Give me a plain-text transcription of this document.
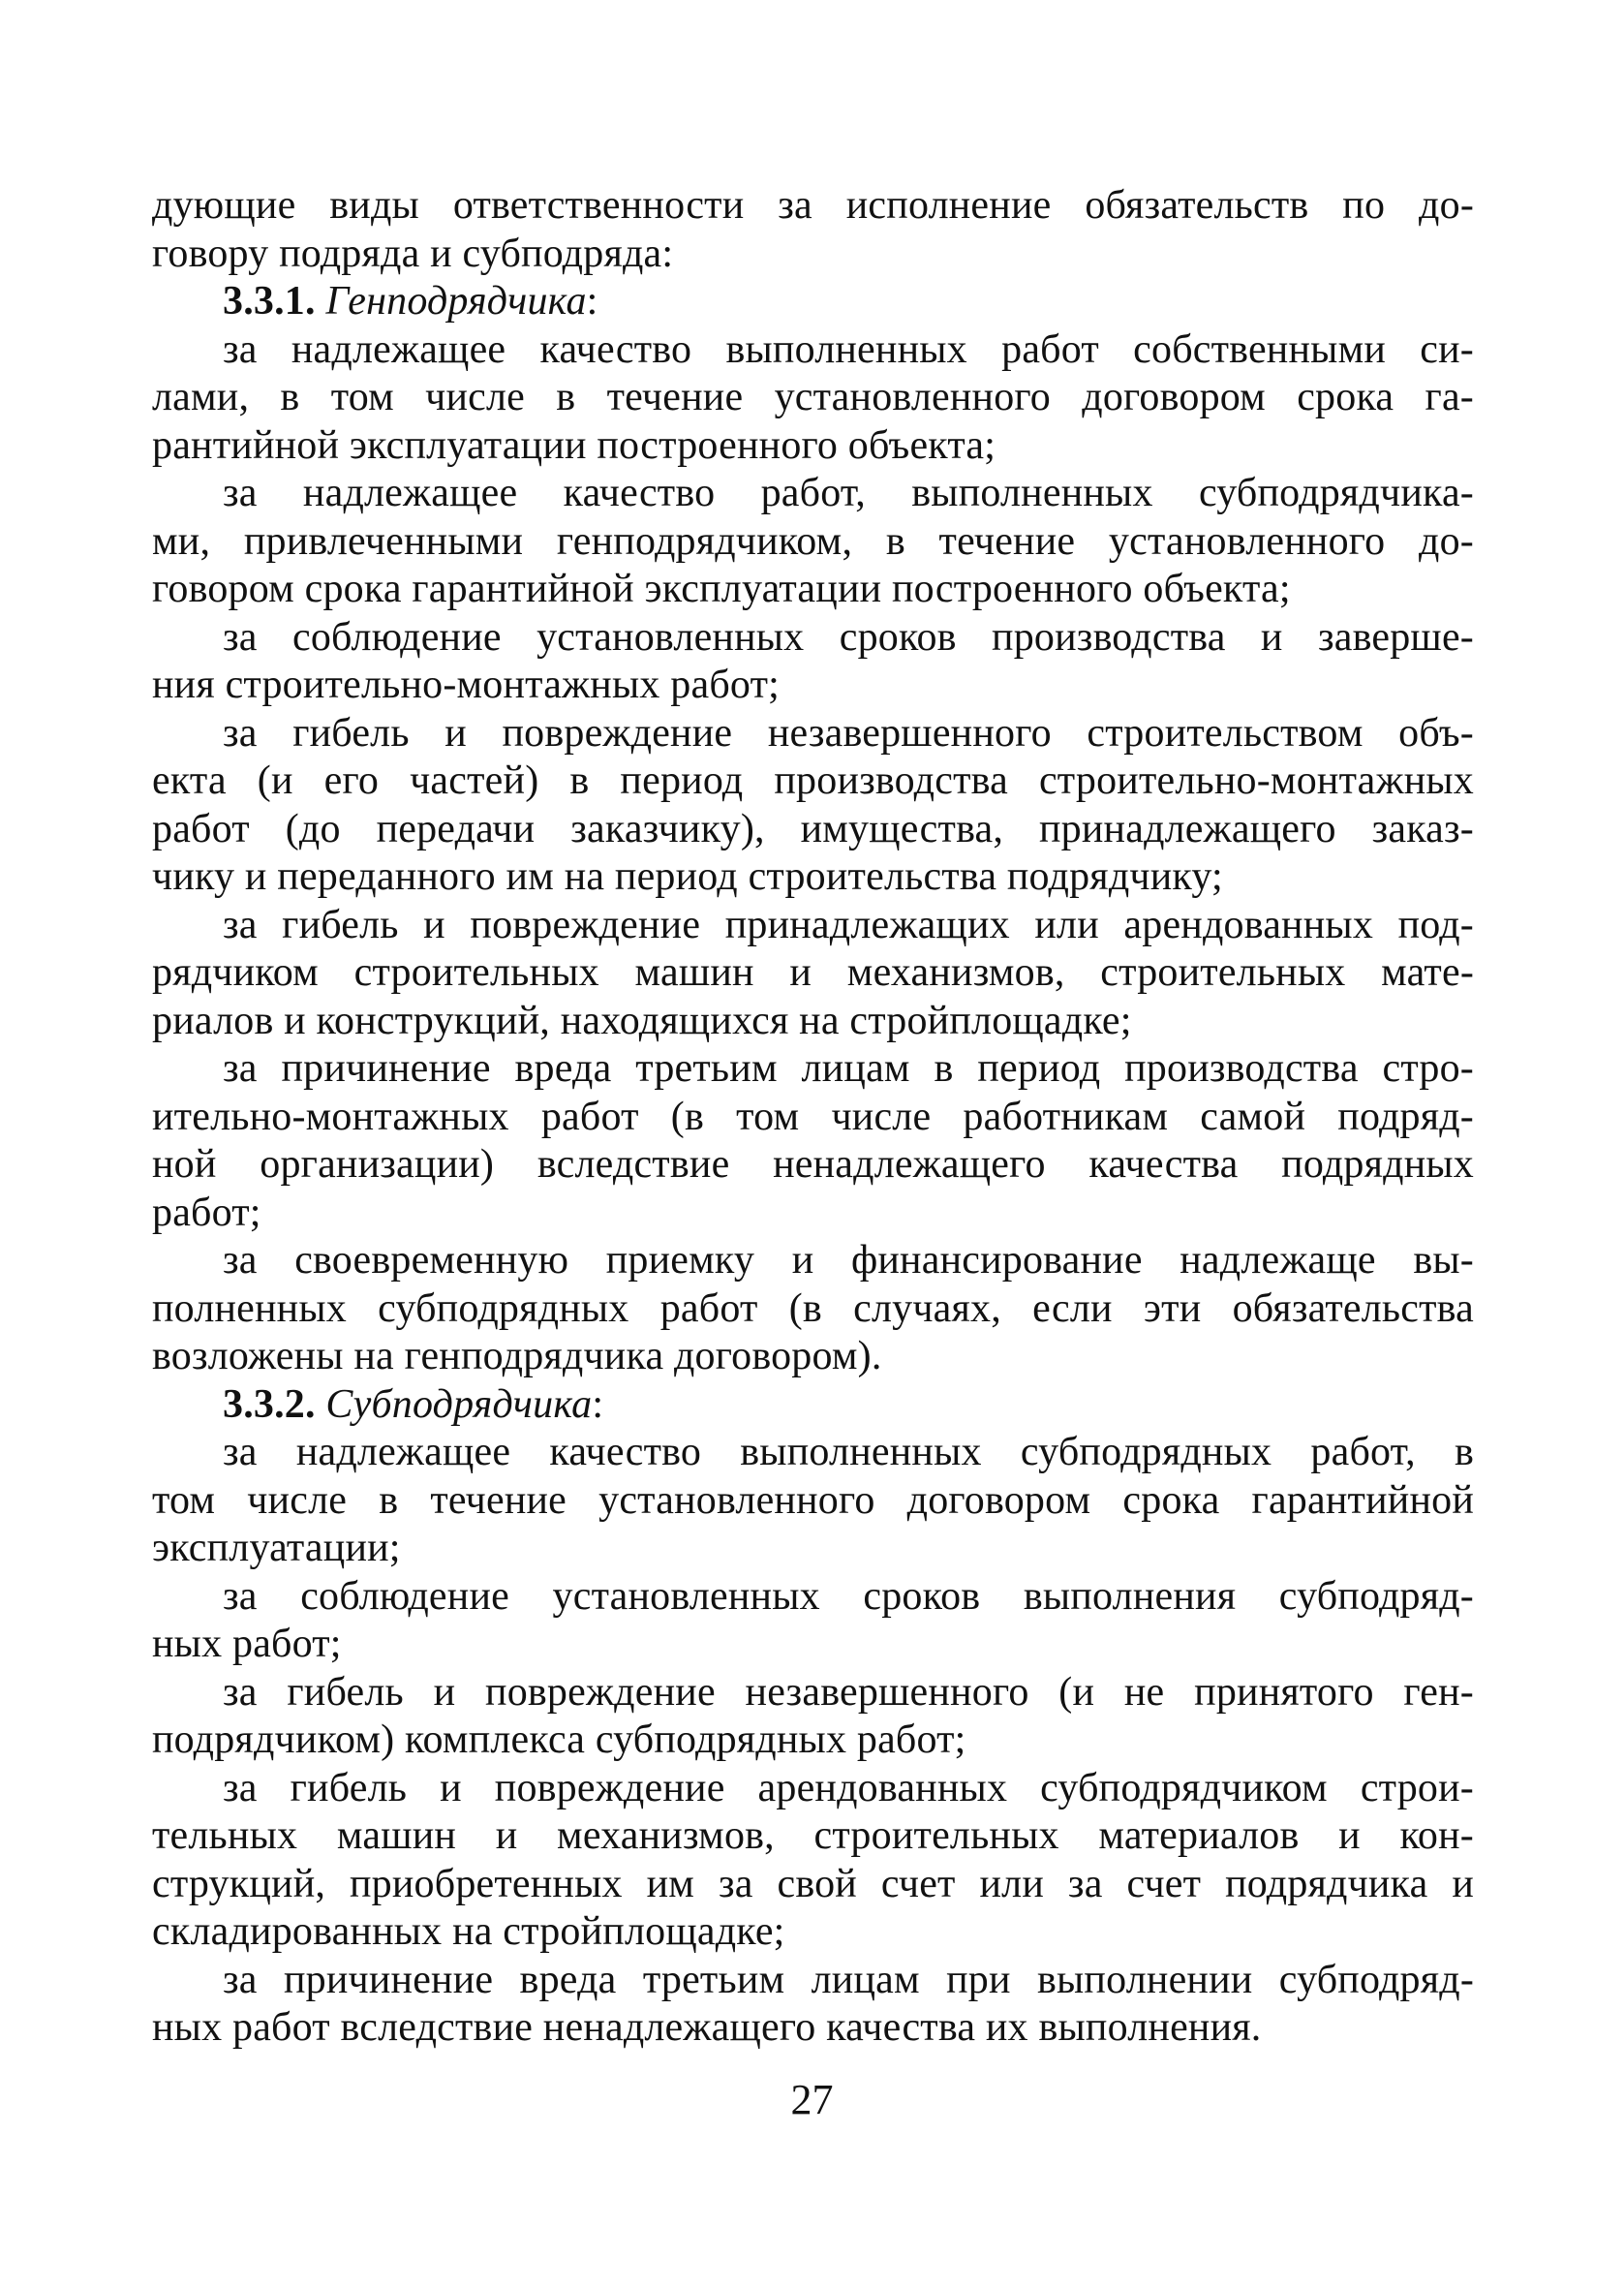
дующие виды ответственности за исполнение обязательств по до-
говору подряда и субподряда:
3.3.1. Генподрядчика:
за надлежащее качество выполненных работ собственными си-
лами, в том числе в течение установленного договором срока га-
рантийной эксплуатации построенного объекта;
за надлежащее качество работ, выполненных субподрядчика-
ми, привлеченными генподрядчиком, в течение установленного до-
говором срока гарантийной эксплуатации построенного объекта;
за соблюдение установленных сроков производства и заверше-
ния строительно-монтажных работ;
за гибель и повреждение незавершенного строительством объ-
екта (и его частей) в период производства строительно-монтажных
работ (до передачи заказчику), имущества, принадлежащего заказ-
чику и переданного им на период строительства подрядчику;
за гибель и повреждение принадлежащих или арендованных под-
рядчиком строительных машин и механизмов, строительных мате-
риалов и конструкций, находящихся на стройплощадке;
за причинение вреда третьим лицам в период производства стро-
ительно-монтажных работ (в том числе работникам самой подряд-
ной организации) вследствие ненадлежащего качества подрядных
работ;
за своевременную приемку и финансирование надлежаще вы-
полненных субподрядных работ (в случаях, если эти обязательства
возложены на генподрядчика договором).
3.3.2. Субподрядчика:
за надлежащее качество выполненных субподрядных работ, в
том числе в течение установленного договором срока гарантийной
эксплуатации;
за соблюдение установленных сроков выполнения субподряд-
ных работ;
за гибель и повреждение незавершенного (и не принятого ген-
подрядчиком) комплекса субподрядных работ;
за гибель и повреждение арендованных субподрядчиком строи-
тельных машин и механизмов, строительных материалов и кон-
струкций, приобретенных им за свой счет или за счет подрядчика и
складированных на стройплощадке;
за причинение вреда третьим лицам при выполнении субподряд-
ных работ вследствие ненадлежащего качества их выполнения.
27
